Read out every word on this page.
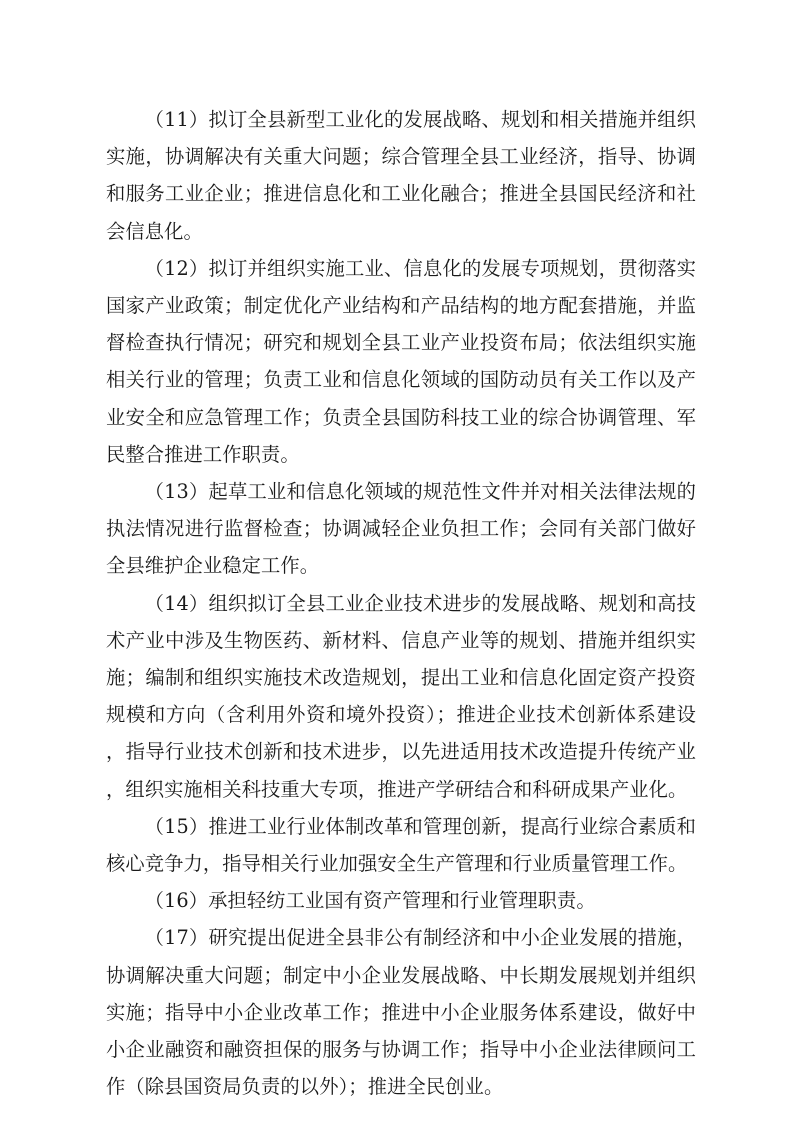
（11）拟订全县新型工业化的发展战略、规划和相关措施并组织实施，协调解决有关重大问题；综合管理全县工业经济，指导、协调和服务工业企业；推进信息化和工业化融合；推进全县国民经济和社会信息化。

（12）拟订并组织实施工业、信息化的发展专项规划，贯彻落实国家产业政策；制定优化产业结构和产品结构的地方配套措施，并监督检查执行情况；研究和规划全县工业产业投资布局；依法组织实施相关行业的管理；负责工业和信息化领域的国防动员有关工作以及产业安全和应急管理工作；负责全县国防科技工业的综合协调管理、军民整合推进工作职责。

（13）起草工业和信息化领域的规范性文件并对相关法律法规的执法情况进行监督检查；协调减轻企业负担工作；会同有关部门做好全县维护企业稳定工作。

（14）组织拟订全县工业企业技术进步的发展战略、规划和高技术产业中涉及生物医药、新材料、信息产业等的规划、措施并组织实施；编制和组织实施技术改造规划，提出工业和信息化固定资产投资规模和方向（含利用外资和境外投资）；推进企业技术创新体系建设，指导行业技术创新和技术进步，以先进适用技术改造提升传统产业，组织实施相关科技重大专项，推进产学研结合和科研成果产业化。

（15）推进工业行业体制改革和管理创新，提高行业综合素质和核心竞争力，指导相关行业加强安全生产管理和行业质量管理工作。

（16）承担轻纺工业国有资产管理和行业管理职责。

（17）研究提出促进全县非公有制经济和中小企业发展的措施，协调解决重大问题；制定中小企业发展战略、中长期发展规划并组织实施；指导中小企业改革工作；推进中小企业服务体系建设，做好中小企业融资和融资担保的服务与协调工作；指导中小企业法律顾问工作（除县国资局负责的以外）；推进全民创业。
